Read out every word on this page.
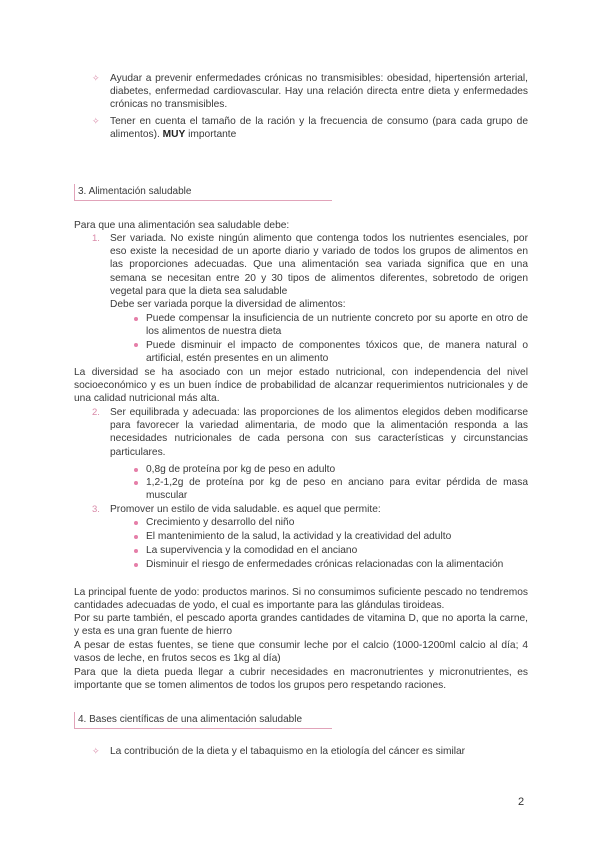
✧ Ayudar a prevenir enfermedades crónicas no transmisibles: obesidad, hipertensión arterial, diabetes, enfermedad cardiovascular. Hay una relación directa entre dieta y enfermedades crónicas no transmisibles.
✧ Tener en cuenta el tamaño de la ración y la frecuencia de consumo (para cada grupo de alimentos). MUY importante
3. Alimentación saludable
Para que una alimentación sea saludable debe:
1. Ser variada. No existe ningún alimento que contenga todos los nutrientes esenciales, por eso existe la necesidad de un aporte diario y variado de todos los grupos de alimentos en las proporciones adecuadas. Que una alimentación sea variada significa que en una semana se necesitan entre 20 y 30 tipos de alimentos diferentes, sobretodo de origen vegetal para que la dieta sea saludable
Debe ser variada porque la diversidad de alimentos:
Puede compensar la insuficiencia de un nutriente concreto por su aporte en otro de los alimentos de nuestra dieta
Puede disminuir el impacto de componentes tóxicos que, de manera natural o artificial, estén presentes en un alimento
La diversidad se ha asociado con un mejor estado nutricional, con independencia del nivel socioeconómico y es un buen índice de probabilidad de alcanzar requerimientos nutricionales y de una calidad nutricional más alta.
2. Ser equilibrada y adecuada: las proporciones de los alimentos elegidos deben modificarse para favorecer la variedad alimentaria, de modo que la alimentación responda a las necesidades nutricionales de cada persona con sus características y circunstancias particulares.
0,8g de proteína por kg de peso en adulto
1,2-1,2g de proteína por kg de peso en anciano para evitar pérdida de masa muscular
3. Promover un estilo de vida saludable. es aquel que permite:
Crecimiento y desarrollo del niño
El mantenimiento de la salud, la actividad y la creatividad del adulto
La supervivencia y la comodidad en el anciano
Disminuir el riesgo de enfermedades crónicas relacionadas con la alimentación
La principal fuente de yodo: productos marinos. Si no consumimos suficiente pescado no tendremos cantidades adecuadas de yodo, el cual es importante para las glándulas tiroideas.
Por su parte también, el pescado aporta grandes cantidades de vitamina D, que no aporta la carne, y esta es una gran fuente de hierro
A pesar de estas fuentes, se tiene que consumir leche por el calcio (1000-1200ml calcio al día; 4 vasos de leche, en frutos secos es 1kg al día)
Para que la dieta pueda llegar a cubrir necesidades en macronutrientes y micronutrientes, es importante que se tomen alimentos de todos los grupos pero respetando raciones.
4. Bases científicas de una alimentación saludable
✧ La contribución de la dieta y el tabaquismo en la etiología del cáncer es similar
2
